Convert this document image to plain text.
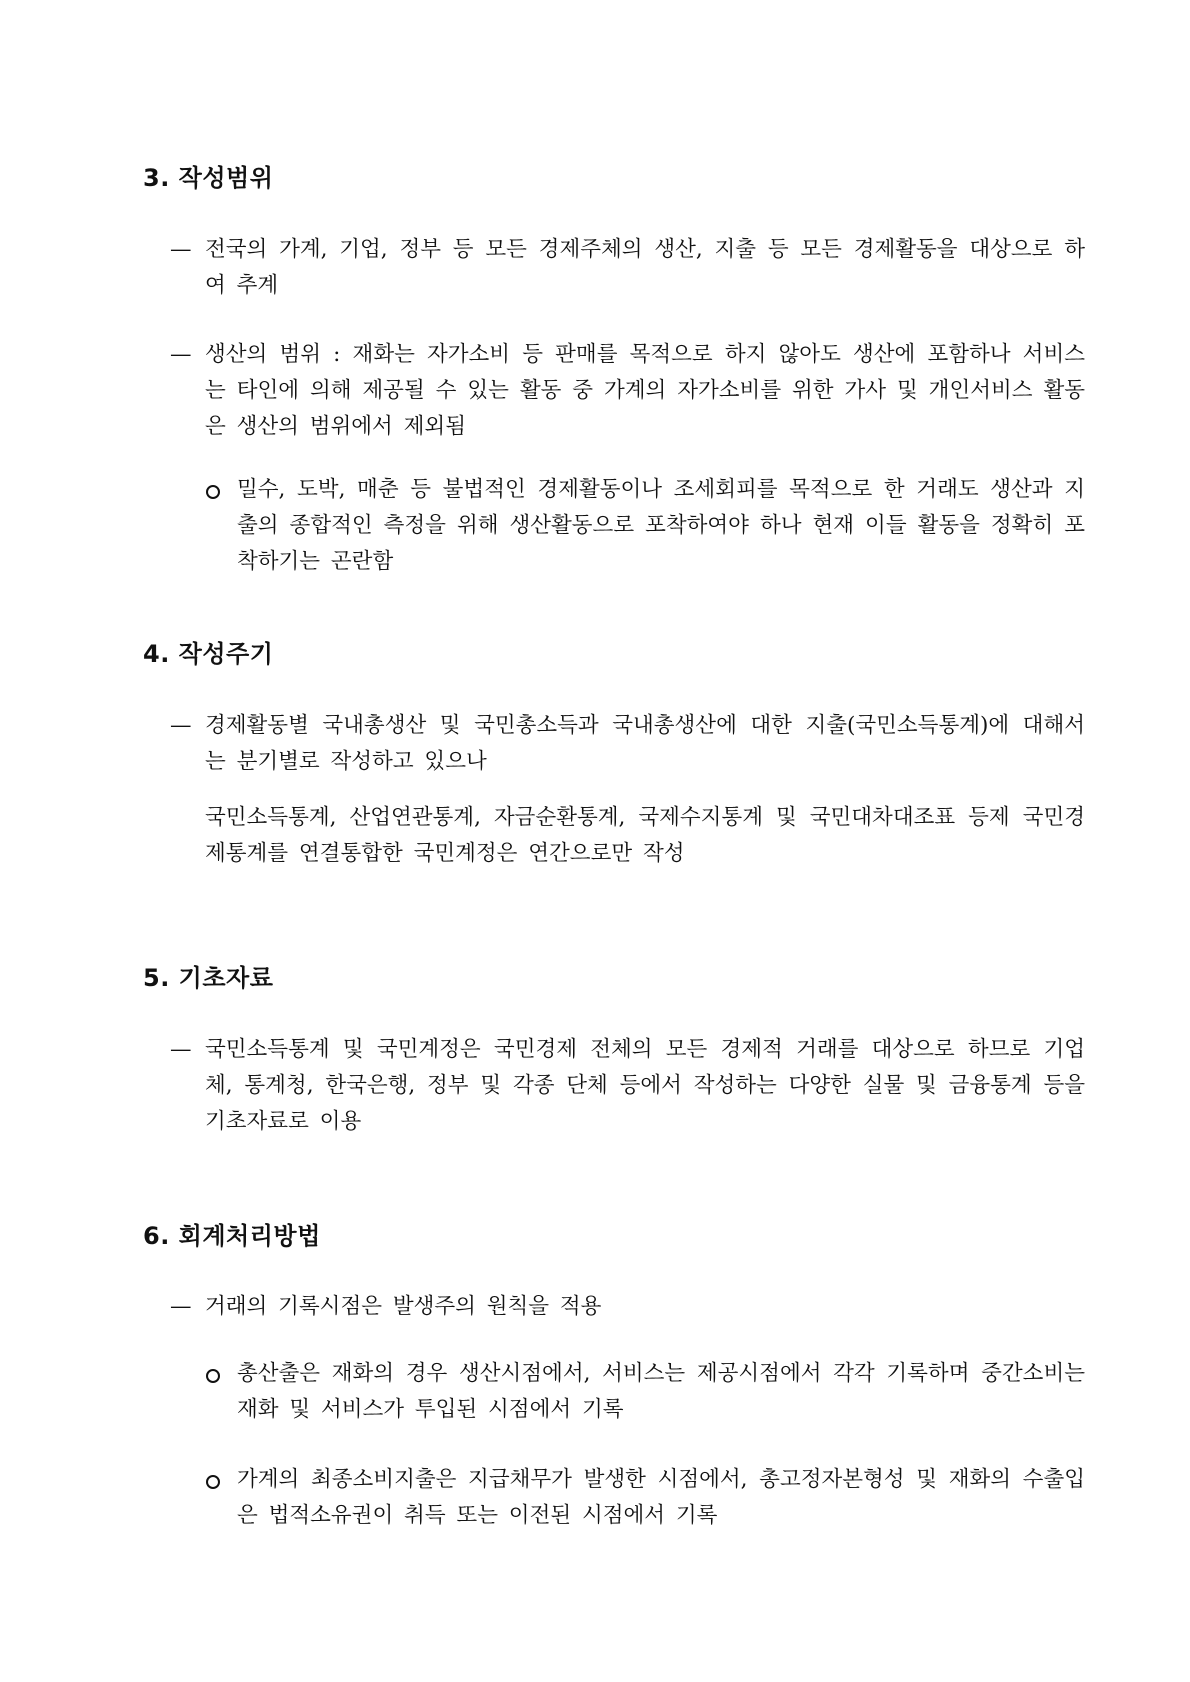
3. 작성범위
— 전국의 가계, 기업, 정부 등 모든 경제주체의 생산, 지출 등 모든 경제활동을 대상으로 하여 추계
— 생산의 범위 : 재화는 자가소비 등 판매를 목적으로 하지 않아도 생산에 포함하나 서비스는 타인에 의해 제공될 수 있는 활동 중 가계의 자가소비를 위한 가사 및 개인서비스 활동은 생산의 범위에서 제외됨
밀수, 도박, 매춘 등 불법적인 경제활동이나 조세회피를 목적으로 한 거래도 생산과 지출의 종합적인 측정을 위해 생산활동으로 포착하여야 하나 현재 이들 활동을 정확히 포착하기는 곤란함
4. 작성주기
— 경제활동별 국내총생산 및 국민총소득과 국내총생산에 대한 지출(국민소득통계)에 대해서는 분기별로 작성하고 있으나
국민소득통계, 산업연관통계, 자금순환통계, 국제수지통계 및 국민대차대조표 등제 국민경제통계를 연결통합한 국민계정은 연간으로만 작성
5. 기초자료
— 국민소득통계 및 국민계정은 국민경제 전체의 모든 경제적 거래를 대상으로 하므로 기업체, 통계청, 한국은행, 정부 및 각종 단체 등에서 작성하는 다양한 실물 및 금융통계 등을 기초자료로 이용
6. 회계처리방법
— 거래의 기록시점은 발생주의 원칙을 적용
총산출은 재화의 경우 생산시점에서, 서비스는 제공시점에서 각각 기록하며 중간소비는 재화 및 서비스가 투입된 시점에서 기록
가계의 최종소비지출은 지급채무가 발생한 시점에서, 총고정자본형성 및 재화의 수출입은 법적소유권이 취득 또는 이전된 시점에서 기록
